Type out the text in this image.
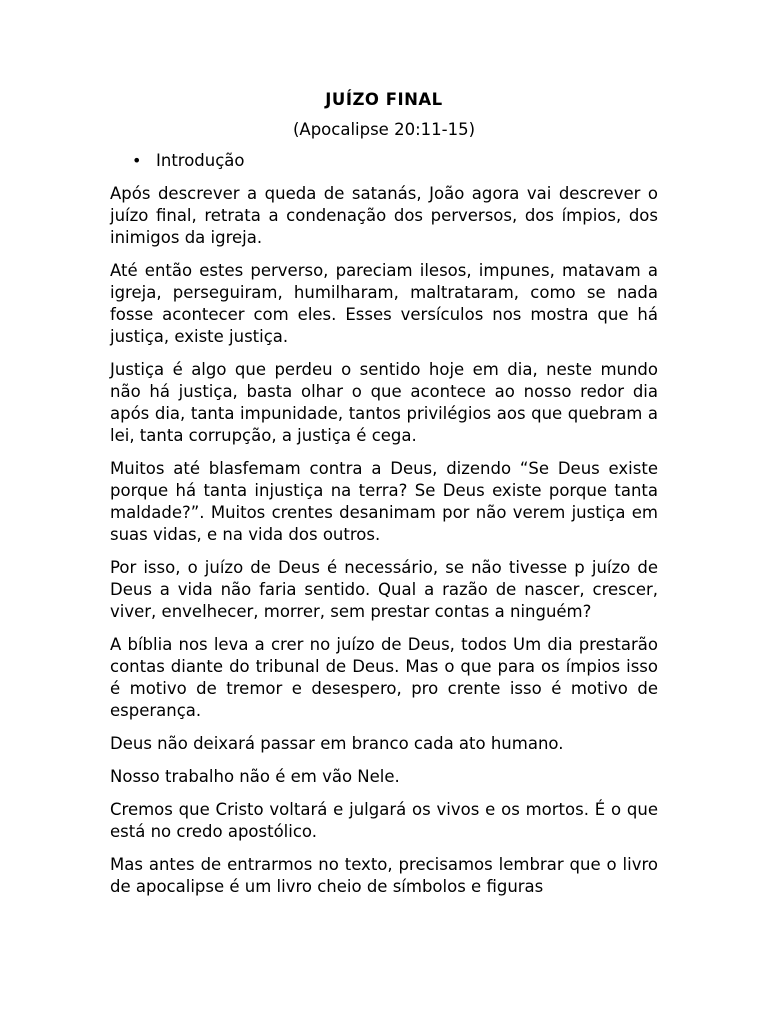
JUÍZO FINAL
(Apocalipse 20:11-15)
• Introdução

Após descrever a queda de satanás, João agora vai descrever o juízo final, retrata a condenação dos perversos, dos ímpios, dos inimigos da igreja.

Até então estes perverso, pareciam ilesos, impunes, matavam a igreja, perseguiram, humilharam, maltrataram, como se nada fosse acontecer com eles. Esses versículos nos mostra que há justiça, existe justiça.

Justiça é algo que perdeu o sentido hoje em dia, neste mundo não há justiça, basta olhar o que acontece ao nosso redor dia após dia, tanta impunidade, tantos privilégios aos que quebram a lei, tanta corrupção, a justiça é cega.

Muitos até blasfemam contra a Deus, dizendo “Se Deus existe porque há tanta injustiça na terra? Se Deus existe porque tanta maldade?”. Muitos crentes desanimam por não verem justiça em suas vidas, e na vida dos outros.

Por isso, o juízo de Deus é necessário, se não tivesse p juízo de Deus a vida não faria sentido. Qual a razão de nascer, crescer, viver, envelhecer, morrer, sem prestar contas a ninguém?

A bíblia nos leva a crer no juízo de Deus, todos Um dia prestarão contas diante do tribunal de Deus. Mas o que para os ímpios isso é motivo de tremor e desespero, pro crente isso é motivo de esperança.

Deus não deixará passar em branco cada ato humano.

Nosso trabalho não é em vão Nele.

Cremos que Cristo voltará e julgará os vivos e os mortos. É o que está no credo apostólico.

Mas antes de entrarmos no texto, precisamos lembrar que o livro de apocalipse é um livro cheio de símbolos e figuras
